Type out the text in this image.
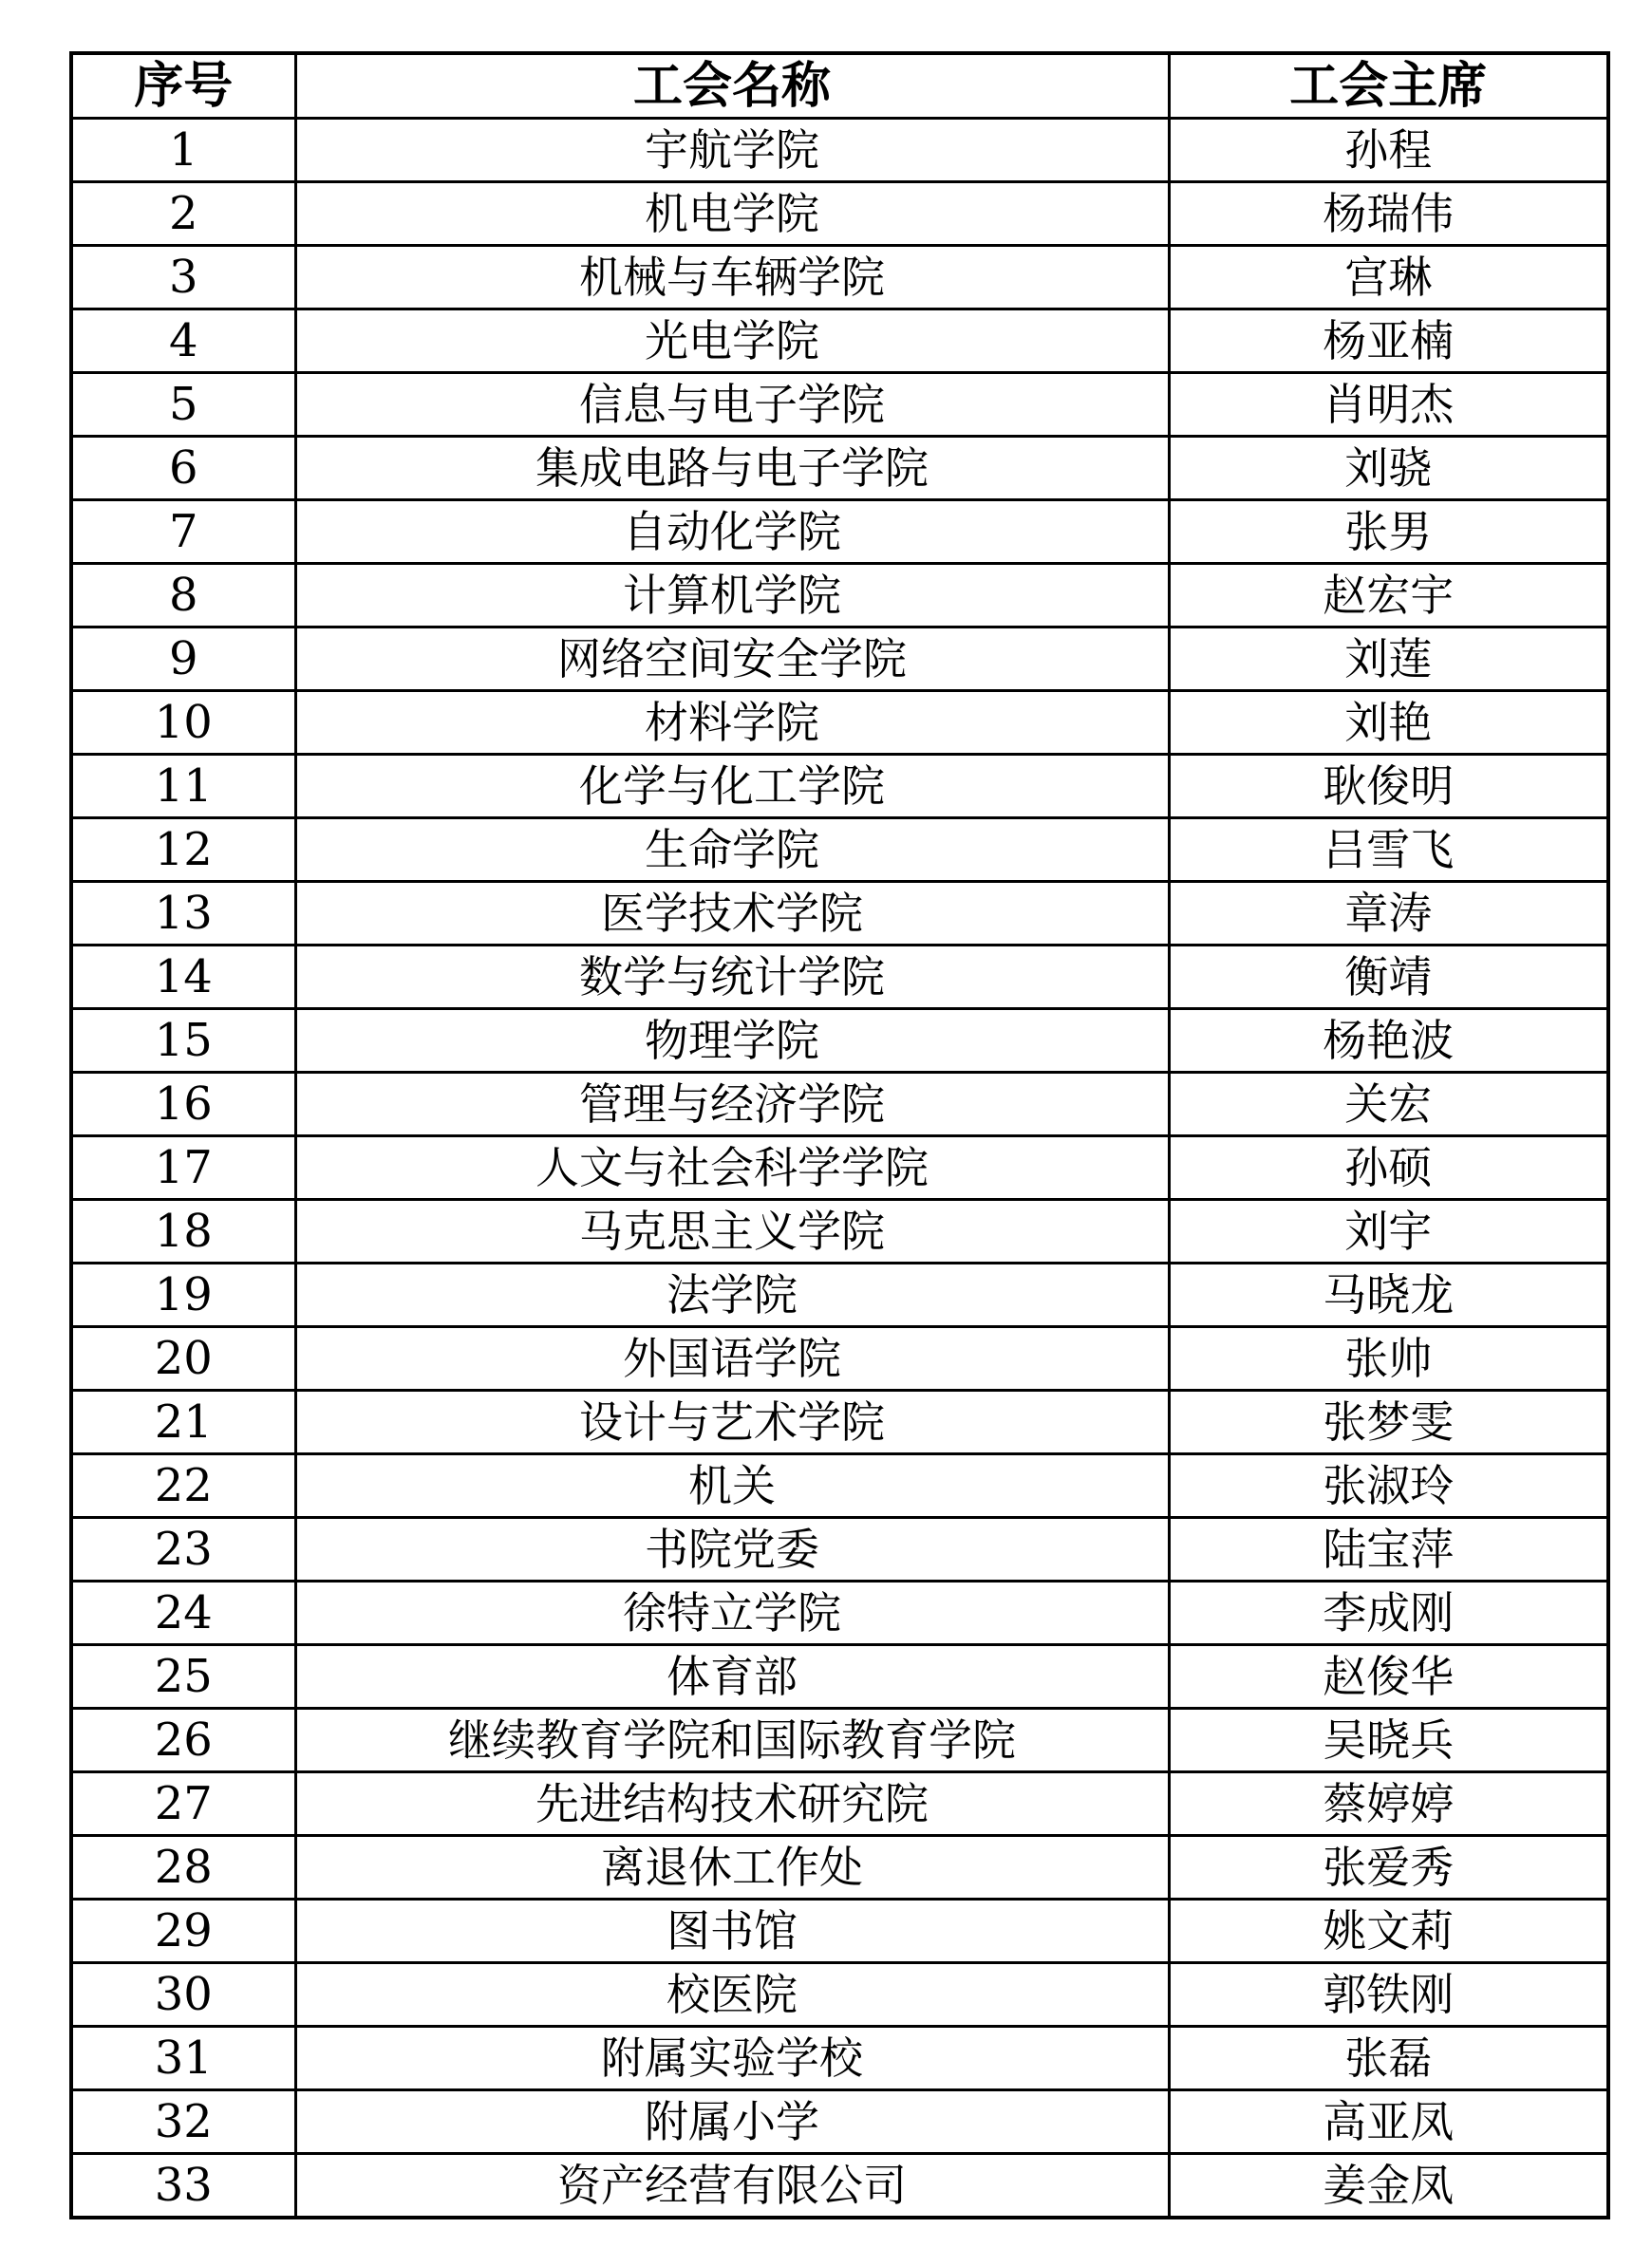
序号	工会名称	工会主席
1	宇航学院	孙程
2	机电学院	杨瑞伟
3	机械与车辆学院	宫琳
4	光电学院	杨亚楠
5	信息与电子学院	肖明杰
6	集成电路与电子学院	刘骁
7	自动化学院	张男
8	计算机学院	赵宏宇
9	网络空间安全学院	刘莲
10	材料学院	刘艳
11	化学与化工学院	耿俊明
12	生命学院	吕雪飞
13	医学技术学院	章涛
14	数学与统计学院	衡靖
15	物理学院	杨艳波
16	管理与经济学院	关宏
17	人文与社会科学学院	孙硕
18	马克思主义学院	刘宇
19	法学院	马晓龙
20	外国语学院	张帅
21	设计与艺术学院	张梦雯
22	机关	张淑玲
23	书院党委	陆宝萍
24	徐特立学院	李成刚
25	体育部	赵俊华
26	继续教育学院和国际教育学院	吴晓兵
27	先进结构技术研究院	蔡婷婷
28	离退休工作处	张爱秀
29	图书馆	姚文莉
30	校医院	郭铁刚
31	附属实验学校	张磊
32	附属小学	高亚凤
33	资产经营有限公司	姜金凤
